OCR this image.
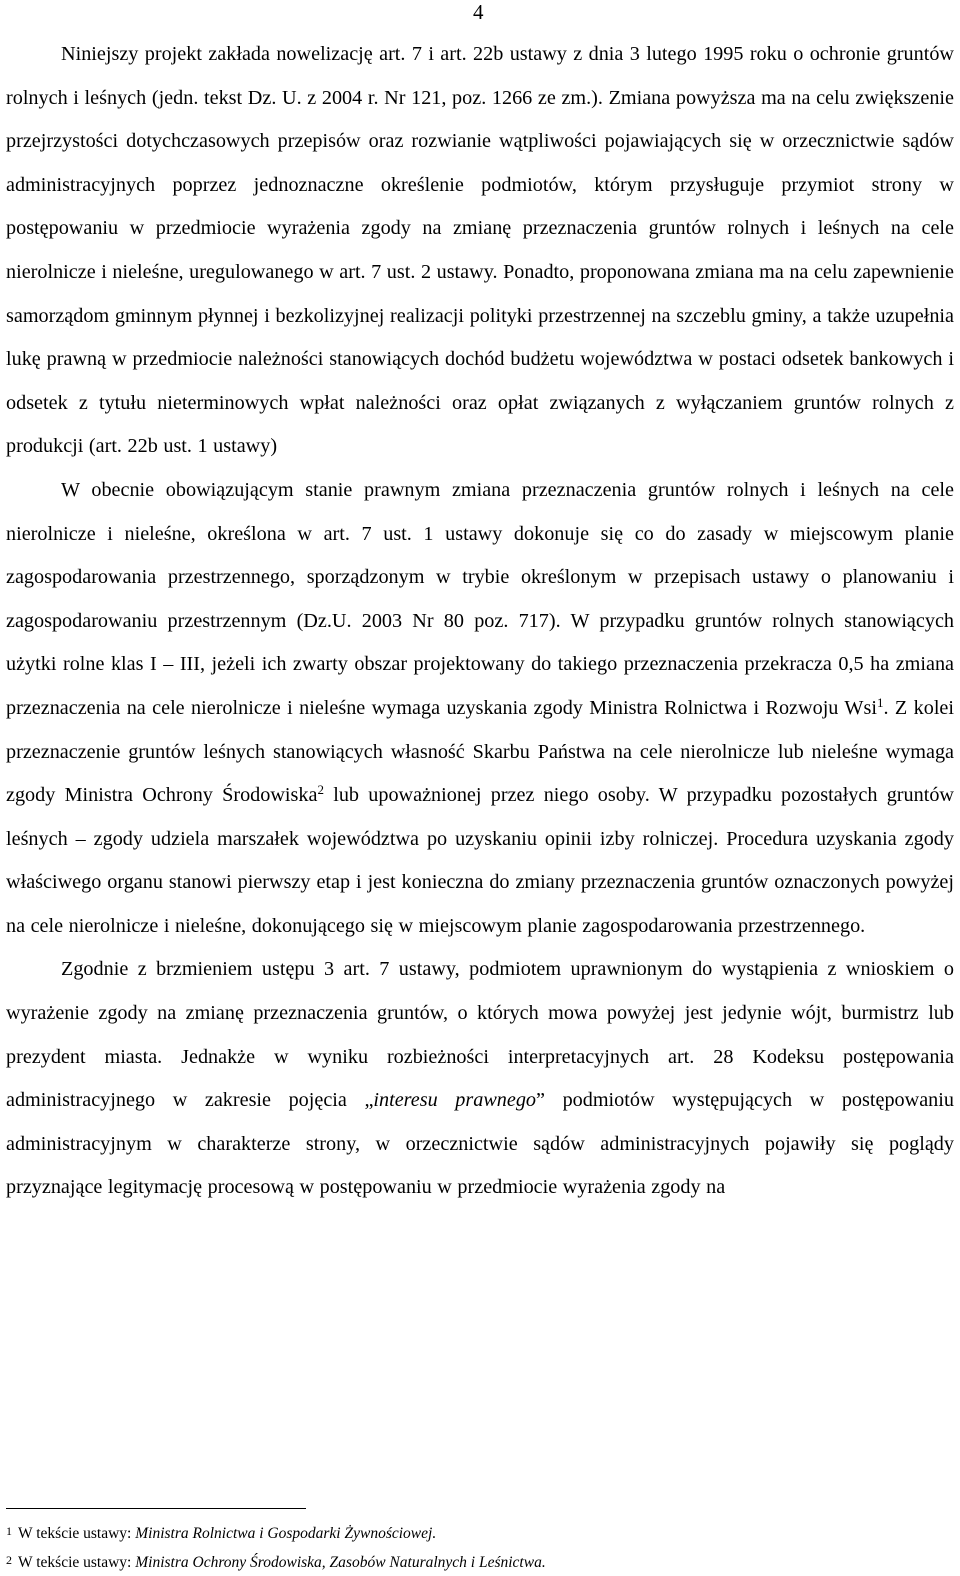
4

Niniejszy projekt zakłada nowelizację art. 7 i art. 22b ustawy z dnia 3 lutego 1995 roku o ochronie gruntów rolnych i leśnych (jedn. tekst Dz. U. z 2004 r. Nr 121, poz. 1266 ze zm.). Zmiana powyższa ma na celu zwiększenie przejrzystości dotychczasowych przepisów oraz rozwianie wątpliwości pojawiających się w orzecznictwie sądów administracyjnych poprzez jednoznaczne określenie podmiotów, którym przysługuje przymiot strony w postępowaniu w przedmiocie wyrażenia zgody na zmianę przeznaczenia gruntów rolnych i leśnych na cele nierolnicze i nieleśne, uregulowanego w art. 7 ust. 2 ustawy. Ponadto, proponowana zmiana ma na celu zapewnienie samorządom gminnym płynnej i bezkolizyjnej realizacji polityki przestrzennej na szczeblu gminy, a także uzupełnia lukę prawną w przedmiocie należności stanowiących dochód budżetu województwa w postaci odsetek bankowych i odsetek z tytułu nieterminowych wpłat należności oraz opłat związanych z wyłączaniem gruntów rolnych z produkcji (art. 22b ust. 1 ustawy)

W obecnie obowiązującym stanie prawnym zmiana przeznaczenia gruntów rolnych i leśnych na cele nierolnicze i nieleśne, określona w art. 7 ust. 1 ustawy dokonuje się co do zasady w miejscowym planie zagospodarowania przestrzennego, sporządzonym w trybie określonym w przepisach ustawy o planowaniu i zagospodarowaniu przestrzennym (Dz.U. 2003 Nr 80 poz. 717). W przypadku gruntów rolnych stanowiących użytki rolne klas I – III, jeżeli ich zwarty obszar projektowany do takiego przeznaczenia przekracza 0,5 ha zmiana przeznaczenia na cele nierolnicze i nieleśne wymaga uzyskania zgody Ministra Rolnictwa i Rozwoju Wsi$^1$. Z kolei przeznaczenie gruntów leśnych stanowiących własność Skarbu Państwa na cele nierolnicze lub nieleśne wymaga zgody Ministra Ochrony Środowiska$^2$ lub upoważnionej przez niego osoby. W przypadku pozostałych gruntów leśnych – zgody udziela marszałek województwa po uzyskaniu opinii izby rolniczej. Procedura uzyskania zgody właściwego organu stanowi pierwszy etap i jest konieczna do zmiany przeznaczenia gruntów oznaczonych powyżej na cele nierolnicze i nieleśne, dokonującego się w miejscowym planie zagospodarowania przestrzennego.

Zgodnie z brzmieniem ustępu 3 art. 7 ustawy, podmiotem uprawnionym do wystąpienia z wnioskiem o wyrażenie zgody na zmianę przeznaczenia gruntów, o których mowa powyżej jest jedynie wójt, burmistrz lub prezydent miasta. Jednakże w wyniku rozbieżności interpretacyjnych art. 28 Kodeksu postępowania administracyjnego w zakresie pojęcia „interesu prawnego” podmiotów występujących w postępowaniu administracyjnym w charakterze strony, w orzecznictwie sądów administracyjnych pojawiły się poglądy przyznające legitymację procesową w postępowaniu w przedmiocie wyrażenia zgody na

1 W tekście ustawy: Ministra Rolnictwa i Gospodarki Żywnościowej.

2 W tekście ustawy: Ministra Ochrony Środowiska, Zasobów Naturalnych i Leśnictwa.
